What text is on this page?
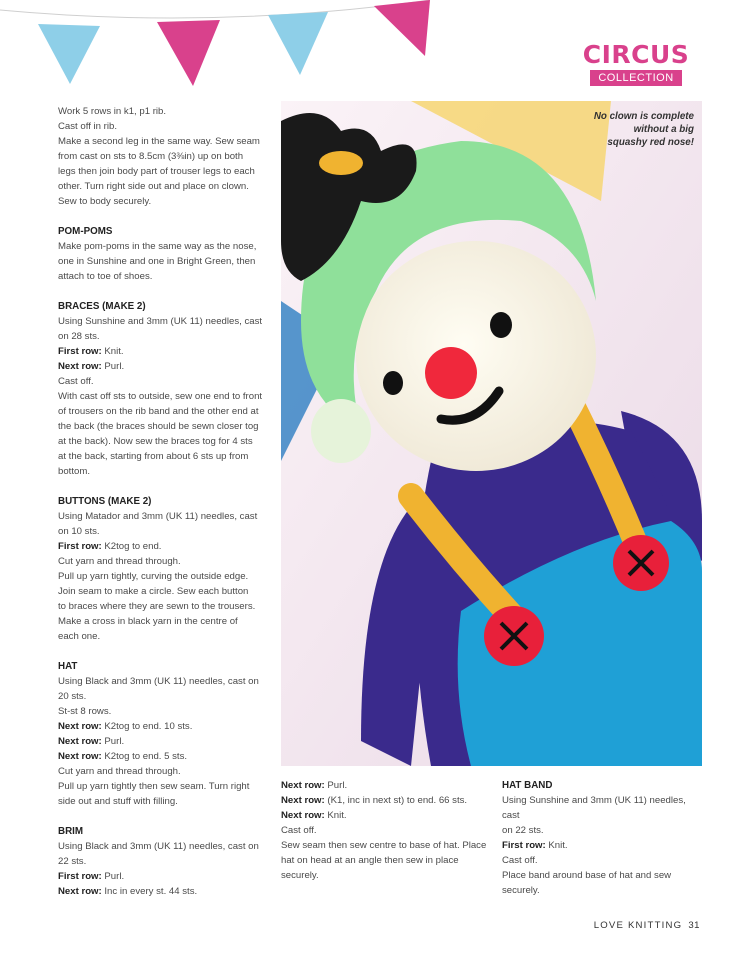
CIRCUS
COLLECTION

Work 5 rows in k1, p1 rib.

Cast off in rib.

Make a second leg in the same way. Sew seam

from cast on sts to 8.5cm (3⅜in) up on both

legs then join body part of trouser legs to each

other. Turn right side out and place on clown.

Sew to body securely.

POM-POMS

Make pom-poms in the same way as the nose,

one in Sunshine and one in Bright Green, then

attach to toe of shoes.

BRACES (MAKE 2)

Using Sunshine and 3mm (UK 11) needles, cast

on 28 sts.

First row: Knit.

Next row: Purl.

Cast off.

With cast off sts to outside, sew one end to front

of trousers on the rib band and the other end at

the back (the braces should be sewn closer tog

at the back). Now sew the braces tog for 4 sts

at the back, starting from about 6 sts up from

bottom.

BUTTONS (MAKE 2)

Using Matador and 3mm (UK 11) needles, cast

on 10 sts.

First row: K2tog to end.

Cut yarn and thread through.

Pull up yarn tightly, curving the outside edge.

Join seam to make a circle. Sew each button

to braces where they are sewn to the trousers.

Make a cross in black yarn in the centre of

each one.

HAT

Using Black and 3mm (UK 11) needles, cast on

20 sts.

St-st 8 rows.

Next row: K2tog to end. 10 sts.

Next row: Purl.

Next row: K2tog to end. 5 sts.

Cut yarn and thread through.

Pull up yarn tightly then sew seam. Turn right

side out and stuff with filling.

BRIM

Using Black and 3mm (UK 11) needles, cast on

22 sts.

First row: Purl.

Next row: Inc in every st. 44 sts.

No clown is complete
without a big
squashy red nose!

Next row: Purl.

Next row: (K1, inc in next st) to end. 66 sts.

Next row: Knit.

Cast off.

Sew seam then sew centre to base of hat. Place

hat on head at an angle then sew in place

securely.

HAT BAND

Using Sunshine and 3mm (UK 11) needles, cast

on 22 sts.

First row: Knit.

Cast off.

Place band around base of hat and sew

securely.

LOVE KNITTING 31
